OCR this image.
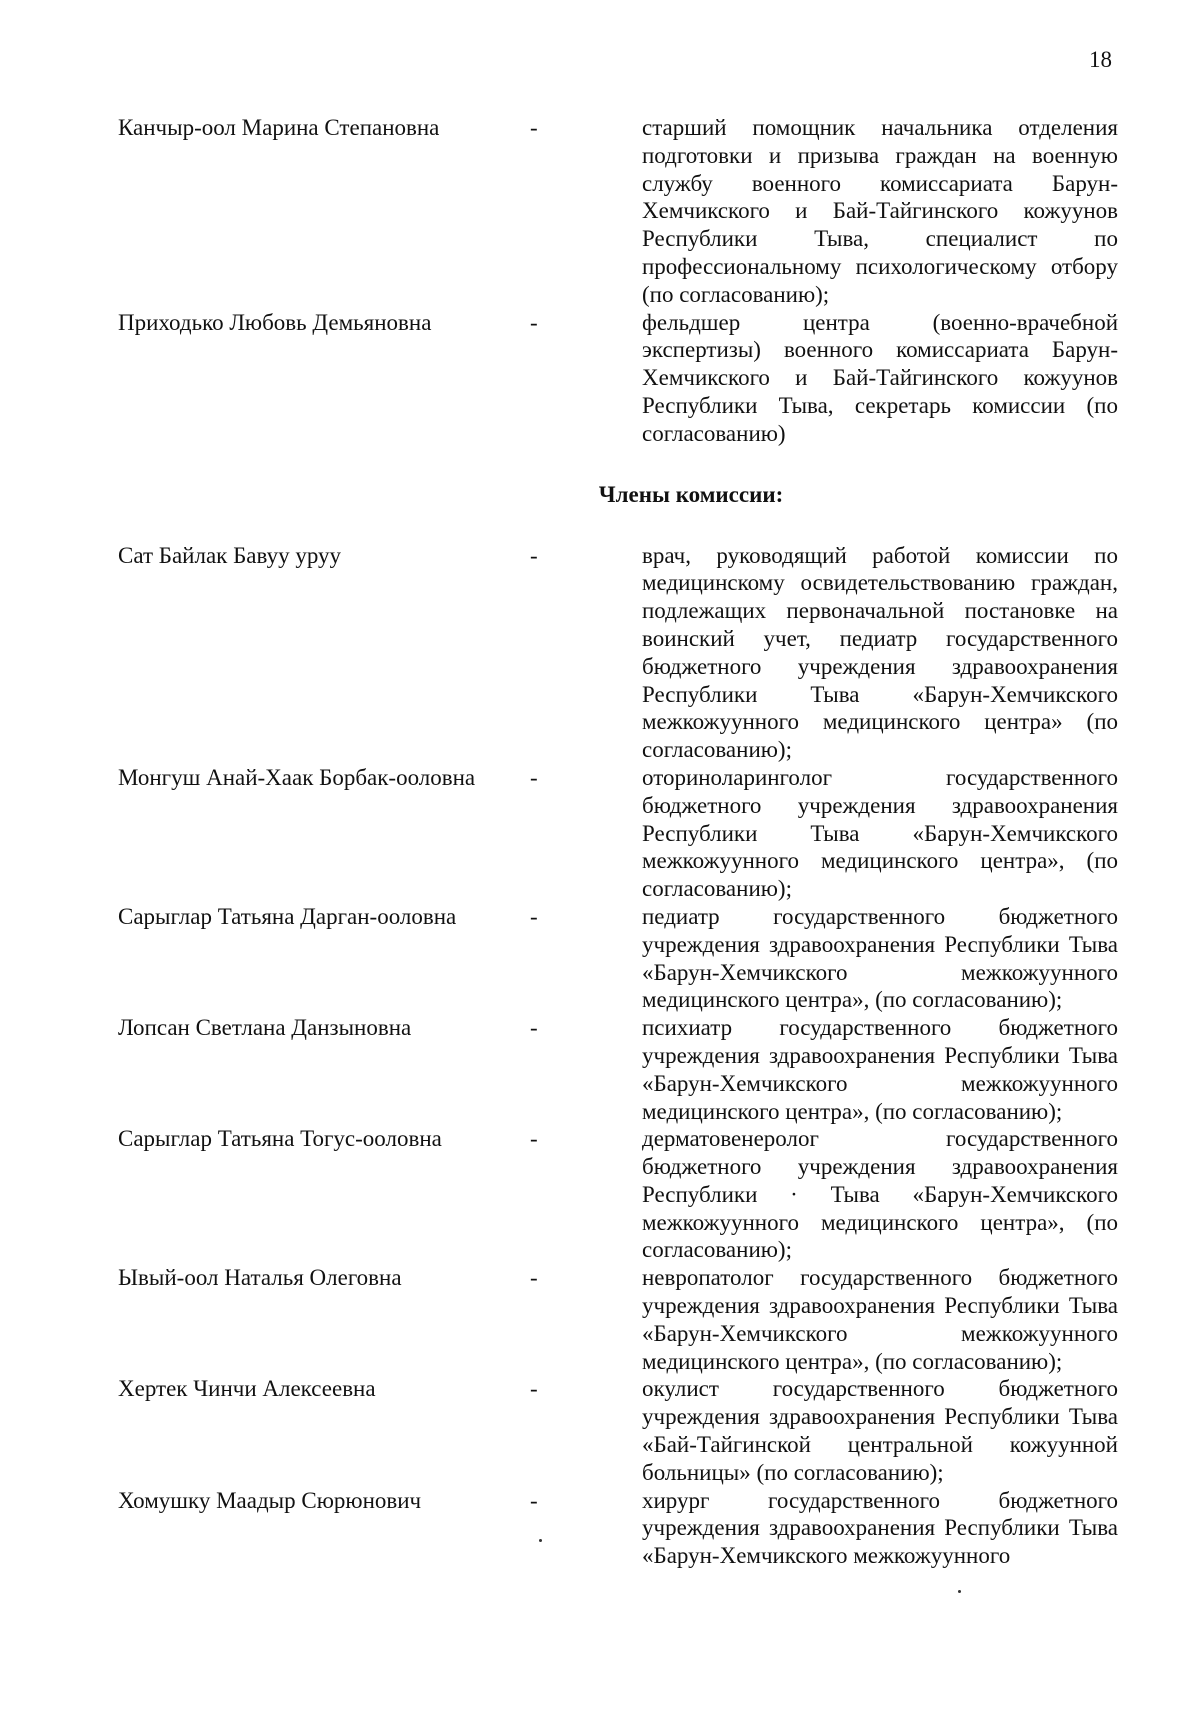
18
Канчыр-оол Марина Степановна	-	старший помощник начальника отделения подготовки и призыва граждан на военную службу военного комиссариата Барун-Хемчикского и Бай-Тайгинского кожуунов Республики Тыва, специалист по профессиональному психологическому отбору (по согласованию);
Приходько Любовь Демьяновна	-	фельдшер центра (военно-врачебной экспертизы) военного комиссариата Барун-Хемчикского и Бай-Тайгинского кожуунов Республики Тыва, секретарь комиссии (по согласованию)
Члены комиссии:
Сат Байлак Бавуу уруу	-	врач, руководящий работой комиссии по медицинскому освидетельствованию граждан, подлежащих первоначальной постановке на воинский учет, педиатр государственного бюджетного учреждения здравоохранения Республики Тыва «Барун-Хемчикского межкожуунного медицинского центра» (по согласованию);
Монгуш Анай-Хаак Борбак-ооловна	-	оториноларинголог государственного бюджетного учреждения здравоохранения Республики Тыва «Барун-Хемчикского межкожуунного медицинского центра», (по согласованию);
Сарыглар Татьяна Дарган-ооловна	-	педиатр государственного бюджетного учреждения здравоохранения Республики Тыва «Барун-Хемчикского межкожуунного медицинского центра», (по согласованию);
Лопсан Светлана Данзыновна	-	психиатр государственного бюджетного учреждения здравоохранения Республики Тыва «Барун-Хемчикского межкожуунного медицинского центра», (по согласованию);
Сарыглар Татьяна Тогус-ооловна	-	дерматовенеролог государственного бюджетного учреждения здравоохранения Республики · Тыва «Барун-Хемчикского межкожуунного медицинского центра», (по согласованию);
Ывый-оол Наталья Олеговна	-	невропатолог государственного бюджетного учреждения здравоохранения Республики Тыва «Барун-Хемчикского межкожуунного медицинского центра», (по согласованию);
Хертек Чинчи Алексеевна	-	окулист государственного бюджетного учреждения здравоохранения Республики Тыва «Бай-Тайгинской центральной кожуунной больницы» (по согласованию);
Хомушку Маадыр Сюрюнович	-	хирург государственного бюджетного учреждения здравоохранения Республики Тыва «Барун-Хемчикского межкожуунного
